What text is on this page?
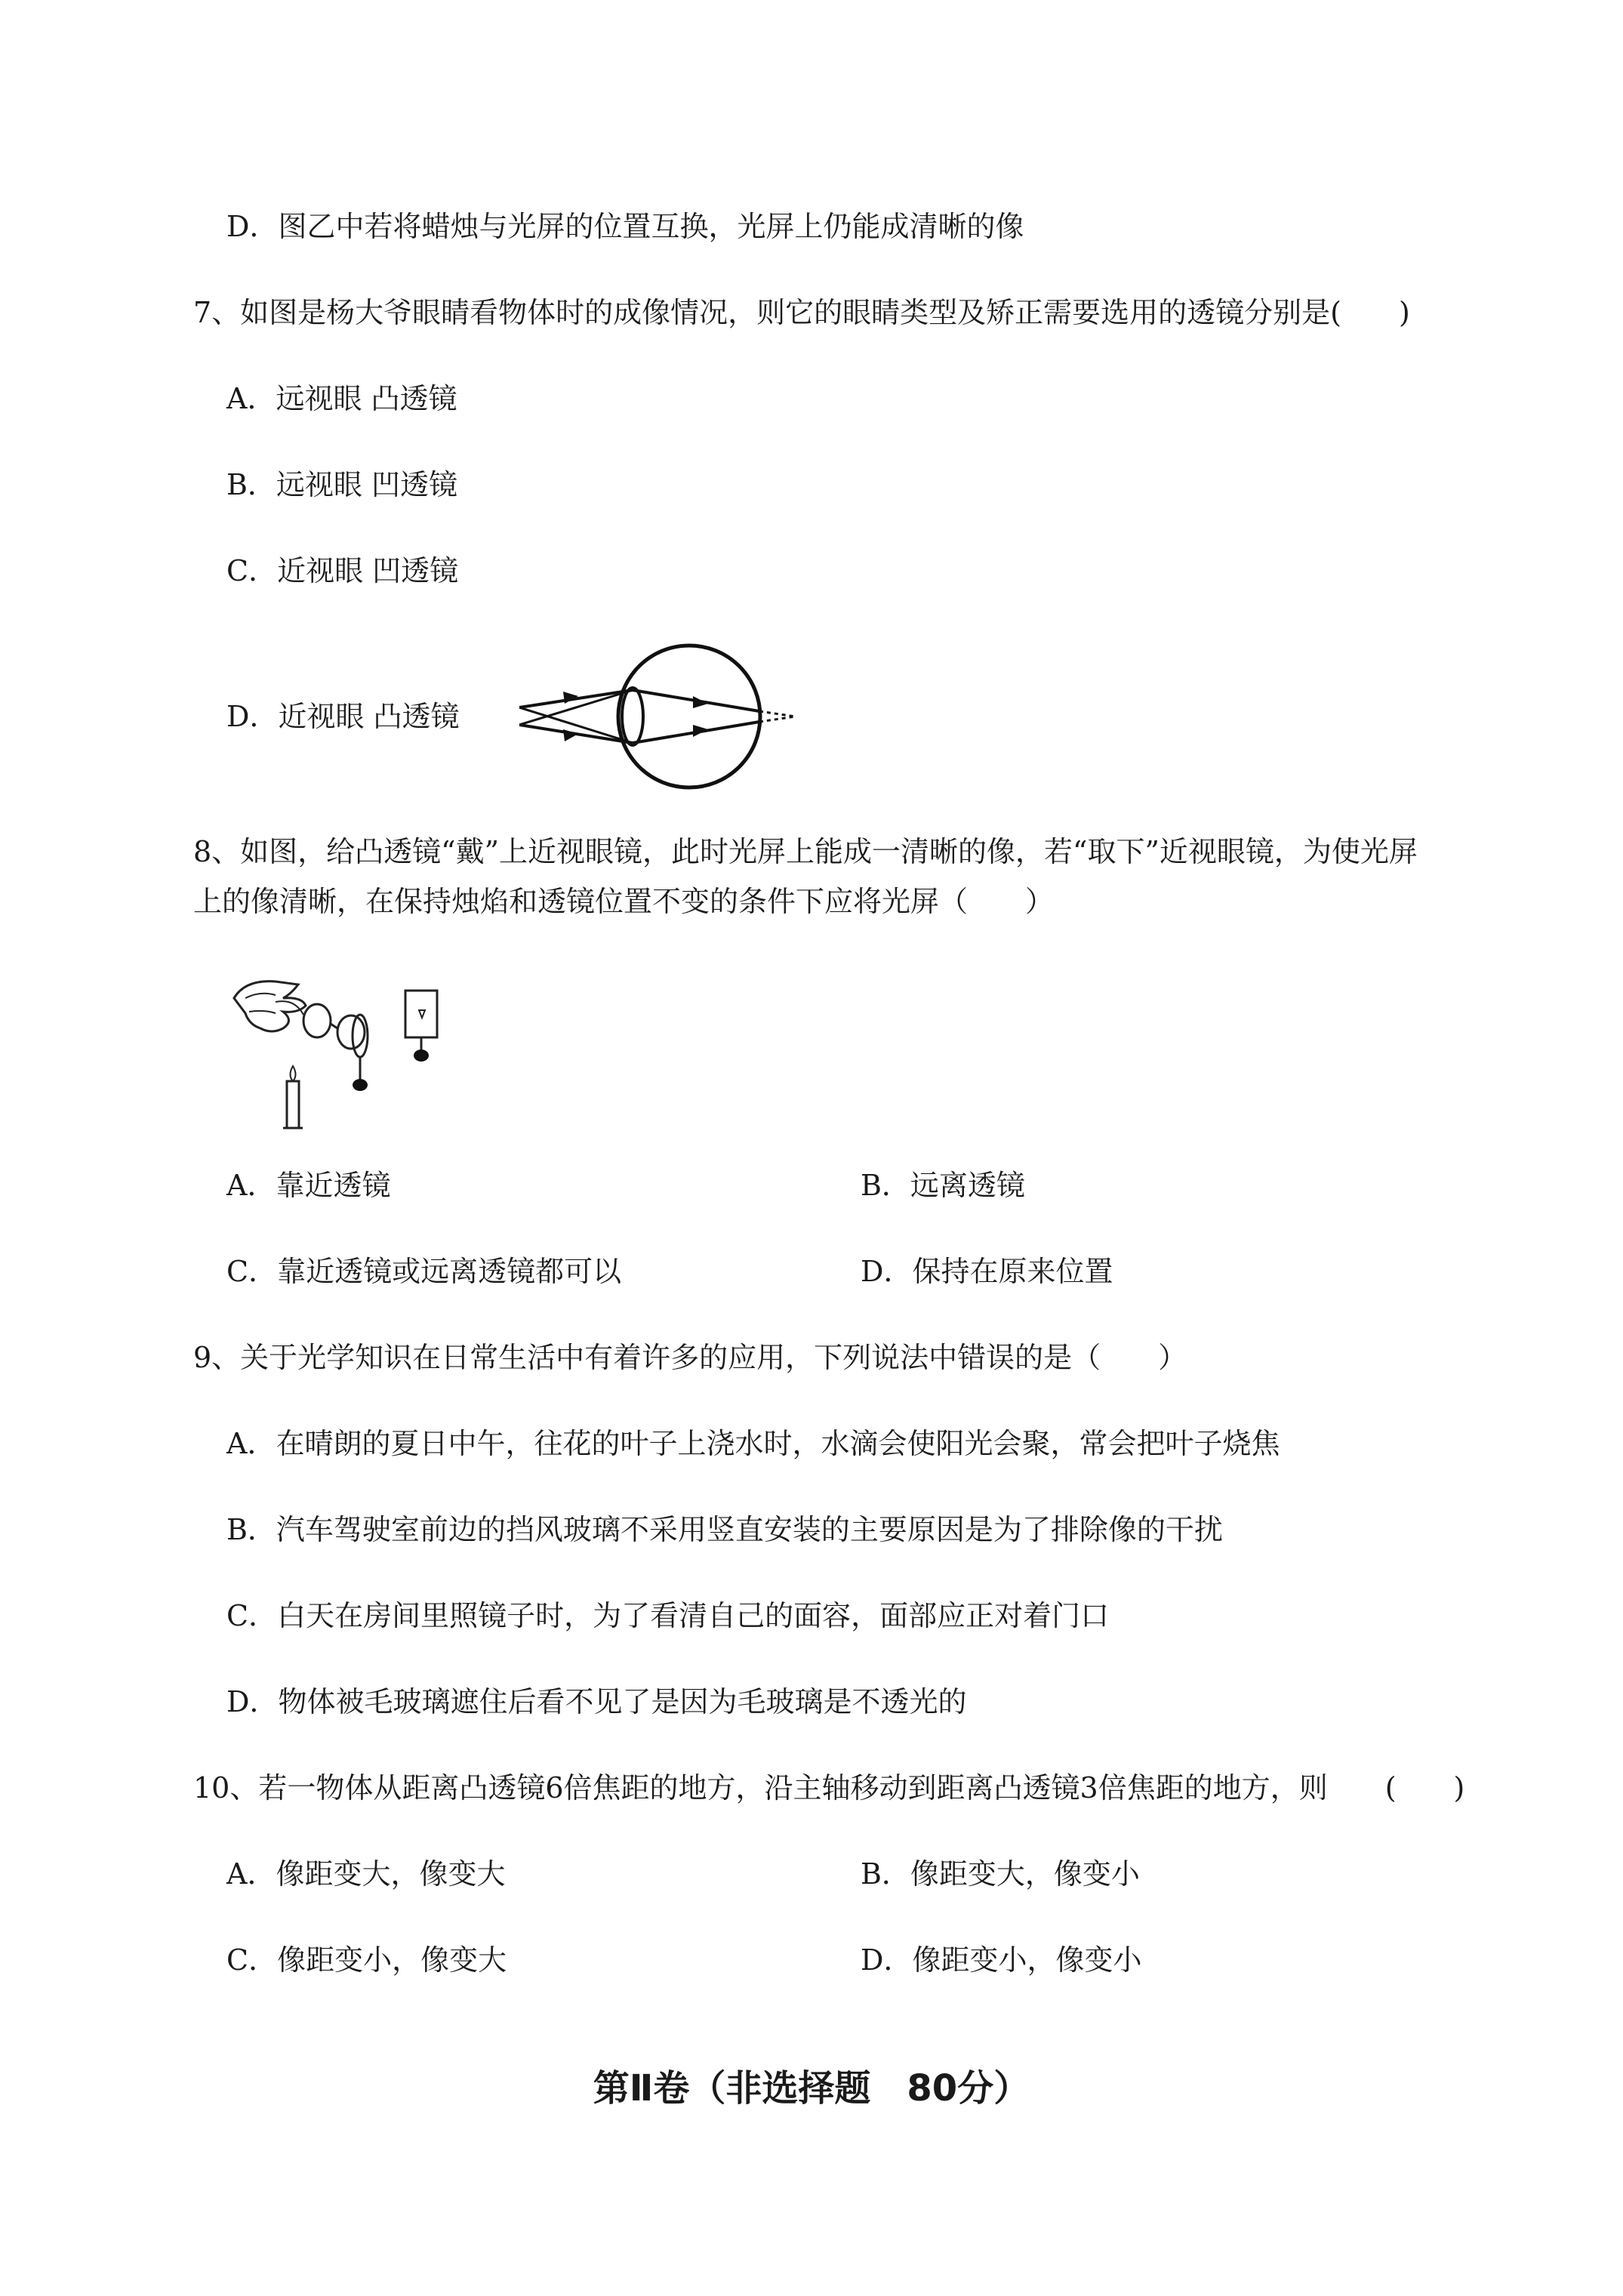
D．图乙中若将蜡烛与光屏的位置互换，光屏上仍能成清晰的像
7、如图是杨大爷眼睛看物体时的成像情况，则它的眼睛类型及矫正需要选用的透镜分别是(　　)
A．远视眼 凸透镜
B．远视眼 凹透镜
C．近视眼 凹透镜
D．近视眼 凸透镜
8、如图，给凸透镜“戴”上近视眼镜，此时光屏上能成一清晰的像，若“取下”近视眼镜，为使光屏
上的像清晰，在保持烛焰和透镜位置不变的条件下应将光屏（　　）
A．靠近透镜	B．远离透镜
C．靠近透镜或远离透镜都可以	D．保持在原来位置
9、关于光学知识在日常生活中有着许多的应用，下列说法中错误的是（　　）
A．在晴朗的夏日中午，往花的叶子上浇水时，水滴会使阳光会聚，常会把叶子烧焦
B．汽车驾驶室前边的挡风玻璃不采用竖直安装的主要原因是为了排除像的干扰
C．白天在房间里照镜子时，为了看清自己的面容，面部应正对着门口
D．物体被毛玻璃遮住后看不见了是因为毛玻璃是不透光的
10、若一物体从距离凸透镜6倍焦距的地方，沿主轴移动到距离凸透镜3倍焦距的地方，则　　(　　)
A．像距变大，像变大	B．像距变大，像变小
C．像距变小，像变大	D．像距变小，像变小
第Ⅱ卷（非选择题　80分）
